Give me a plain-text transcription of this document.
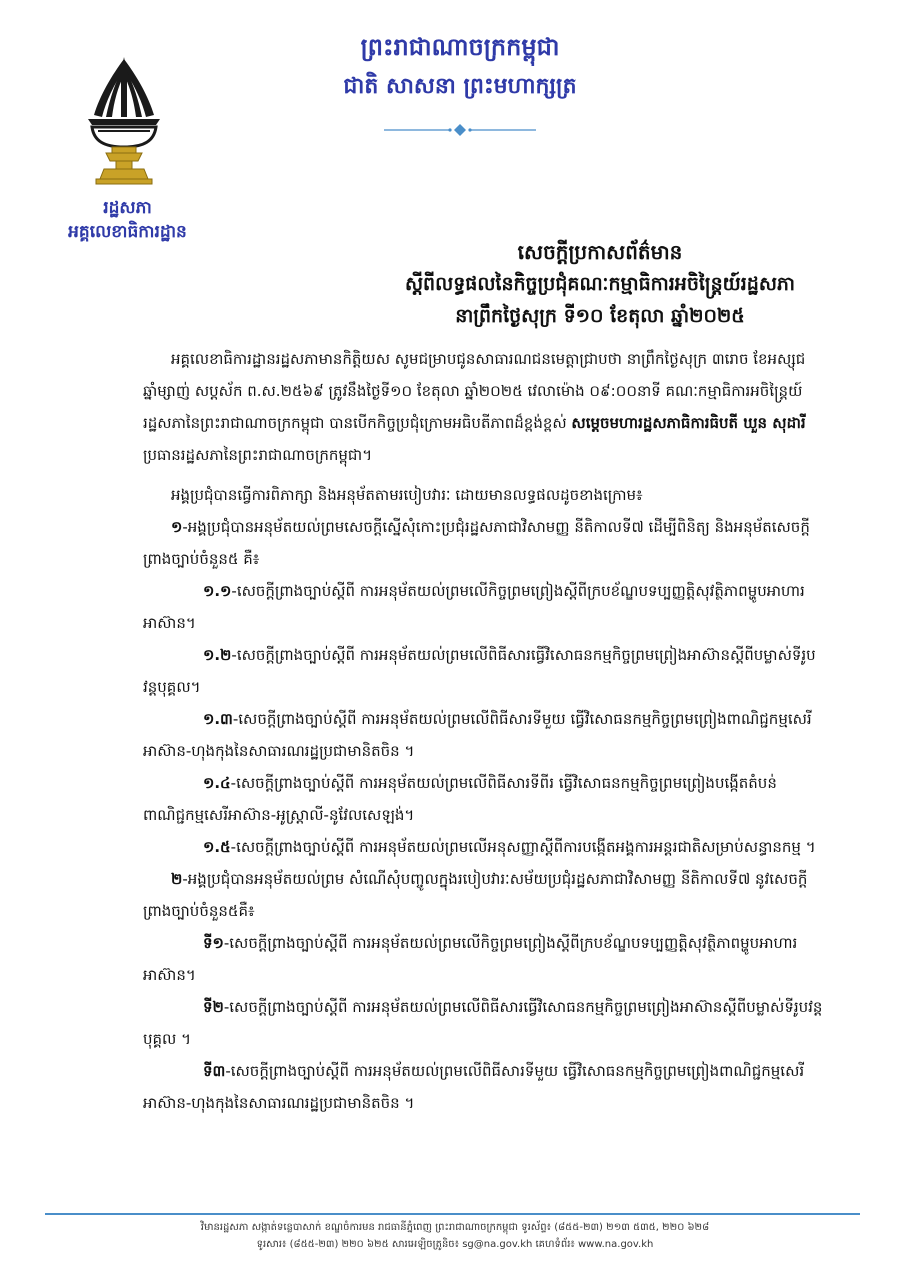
រដ្ឋសភា
អគ្គលេខាធិការដ្ឋាន
ព្រះរាជាណាចក្រកម្ពុជា
ជាតិ សាសនា ព្រះមហាក្សត្រ
សេចក្តីប្រកាសព័ត៌មាន
ស្តីពីលទ្ធផលនៃកិច្ចប្រជុំគណៈកម្មាធិការអចិន្ត្រៃយ៍រដ្ឋសភា
នាព្រឹកថ្ងៃសុក្រ ទី១០ ខែតុលា ឆ្នាំ២០២៥

អគ្គលេខាធិការដ្ឋានរដ្ឋសភាមានកិត្តិយស សូមជម្រាបជូនសាធារណជនមេត្តាជ្រាបថា នាព្រឹកថ្ងៃសុក្រ ៣រោច ខែអស្សុជ ឆ្នាំម្សាញ់ សប្តស័ក ព.ស.២៥៦៩ ត្រូវនឹងថ្ងៃទី១០ ខែតុលា ឆ្នាំ២០២៥ វេលាម៉ោង ០៩:០០នាទី គណៈកម្មាធិការអចិន្ត្រៃយ៍រដ្ឋសភានៃព្រះរាជាណាចក្រកម្ពុជា បានបើកកិច្ចប្រជុំក្រោមអធិបតីភាពដ៏ខ្ពង់ខ្ពស់ សម្តេចមហារដ្ឋសភាធិការធិបតី ឃួន សុដារី ប្រធានរដ្ឋសភានៃព្រះរាជាណាចក្រកម្ពុជា។

អង្គប្រជុំបានធ្វើការពិភាក្សា និងអនុម័តតាមរបៀបវារៈ ដោយមានលទ្ធផលដូចខាងក្រោម៖

១-អង្គប្រជុំបានអនុម័តយល់ព្រមសេចក្តីស្នើសុំកោះប្រជុំរដ្ឋសភាជាវិសាមញ្ញ នីតិកាលទី៧ ដើម្បីពិនិត្យ និងអនុម័តសេចក្តីព្រាងច្បាប់ចំនួន៥ គឺ៖

១.១-សេចក្តីព្រាងច្បាប់ស្តីពី ការអនុម័តយល់ព្រមលើកិច្ចព្រមព្រៀងស្តីពីក្របខ័ណ្ឌបទប្បញ្ញត្តិសុវត្ថិភាពម្ហូបអាហារអាស៊ាន។

១.២-សេចក្តីព្រាងច្បាប់ស្តីពី ការអនុម័តយល់ព្រមលើពិធីសារធ្វើវិសោធនកម្មកិច្ចព្រមព្រៀងអាស៊ានស្តីពីបម្លាស់ទីរូបវន្តបុគ្គល។

១.៣-សេចក្តីព្រាងច្បាប់ស្តីពី ការអនុម័តយល់ព្រមលើពិធីសារទីមួយ ធ្វើវិសោធនកម្មកិច្ចព្រមព្រៀងពាណិជ្ជកម្មសេរីអាស៊ាន-ហុងកុងនៃសាធារណរដ្ឋប្រជាមានិតចិន ។

១.៤-សេចក្តីព្រាងច្បាប់ស្តីពី ការអនុម័តយល់ព្រមលើពិធីសារទីពីរ ធ្វើវិសោធនកម្មកិច្ចព្រមព្រៀងបង្កើតតំបន់ពាណិជ្ជកម្មសេរីអាស៊ាន-អូស្ត្រាលី-នូវែលសេឡង់។

១.៥-សេចក្តីព្រាងច្បាប់ស្តីពី ការអនុម័តយល់ព្រមលើអនុសញ្ញាស្តីពីការបង្កើតអង្គការអន្តរជាតិសម្រាប់សន្ធានកម្ម ។

២-អង្គប្រជុំបានអនុម័តយល់ព្រម សំណើសុំបញ្ចូលក្នុងរបៀបវារៈសម័យប្រជុំរដ្ឋសភាជាវិសាមញ្ញ នីតិកាលទី៧ នូវសេចក្តីព្រាងច្បាប់ចំនួន៥គឺ៖

ទី១-សេចក្តីព្រាងច្បាប់ស្តីពី ការអនុម័តយល់ព្រមលើកិច្ចព្រមព្រៀងស្តីពីក្របខ័ណ្ឌបទប្បញ្ញត្តិសុវត្ថិភាពម្ហូបអាហារអាស៊ាន។

ទី២-សេចក្តីព្រាងច្បាប់ស្តីពី ការអនុម័តយល់ព្រមលើពិធីសារធ្វើវិសោធនកម្មកិច្ចព្រមព្រៀងអាស៊ានស្តីពីបម្លាស់ទីរូបវន្តបុគ្គល ។

ទី៣-សេចក្តីព្រាងច្បាប់ស្តីពី ការអនុម័តយល់ព្រមលើពិធីសារទីមួយ ធ្វើវិសោធនកម្មកិច្ចព្រមព្រៀងពាណិជ្ជកម្មសេរីអាស៊ាន-ហុងកុងនៃសាធារណរដ្ឋប្រជាមានិតចិន ។

វិមានរដ្ឋសភា សង្កាត់ទន្លេបាសាក់ ខណ្ឌចំការមន រាជធានីភ្នំពេញ ព្រះរាជាណាចក្រកម្ពុជា ទូរស័ព្ទ៖ (៨៥៥-២៣) ២១៣ ៥៣៥, ២២០ ៦២៨
ទូរសារ៖ (៨៥៥-២៣) ២២០ ៦២៥ សារអេឡិចត្រូនិច៖ sg@na.gov.kh គេហទំព័រ៖ www.na.gov.kh
